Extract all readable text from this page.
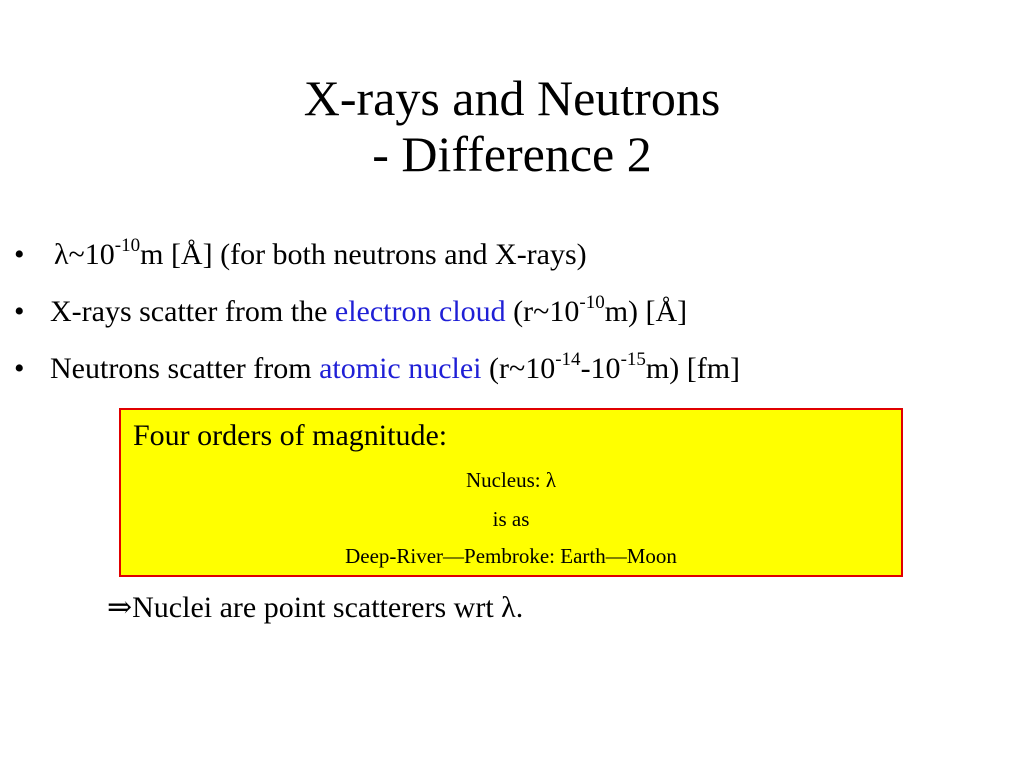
X-rays and Neutrons
- Difference 2
• $\lambda\sim 10^{-10}m$ [Å] (for both neutrons and X-rays)
• X-rays scatter from the electron cloud $(r\sim 10^{-10}m)$ [Å]
• Neutrons scatter from atomic nuclei $(r\sim 10^{-14}-10^{-15}m)$ [fm]
Four orders of magnitude:
Nucleus: λ
is as
Deep-River—Pembroke: Earth—Moon
⇒Nuclei are point scatterers wrt λ.
